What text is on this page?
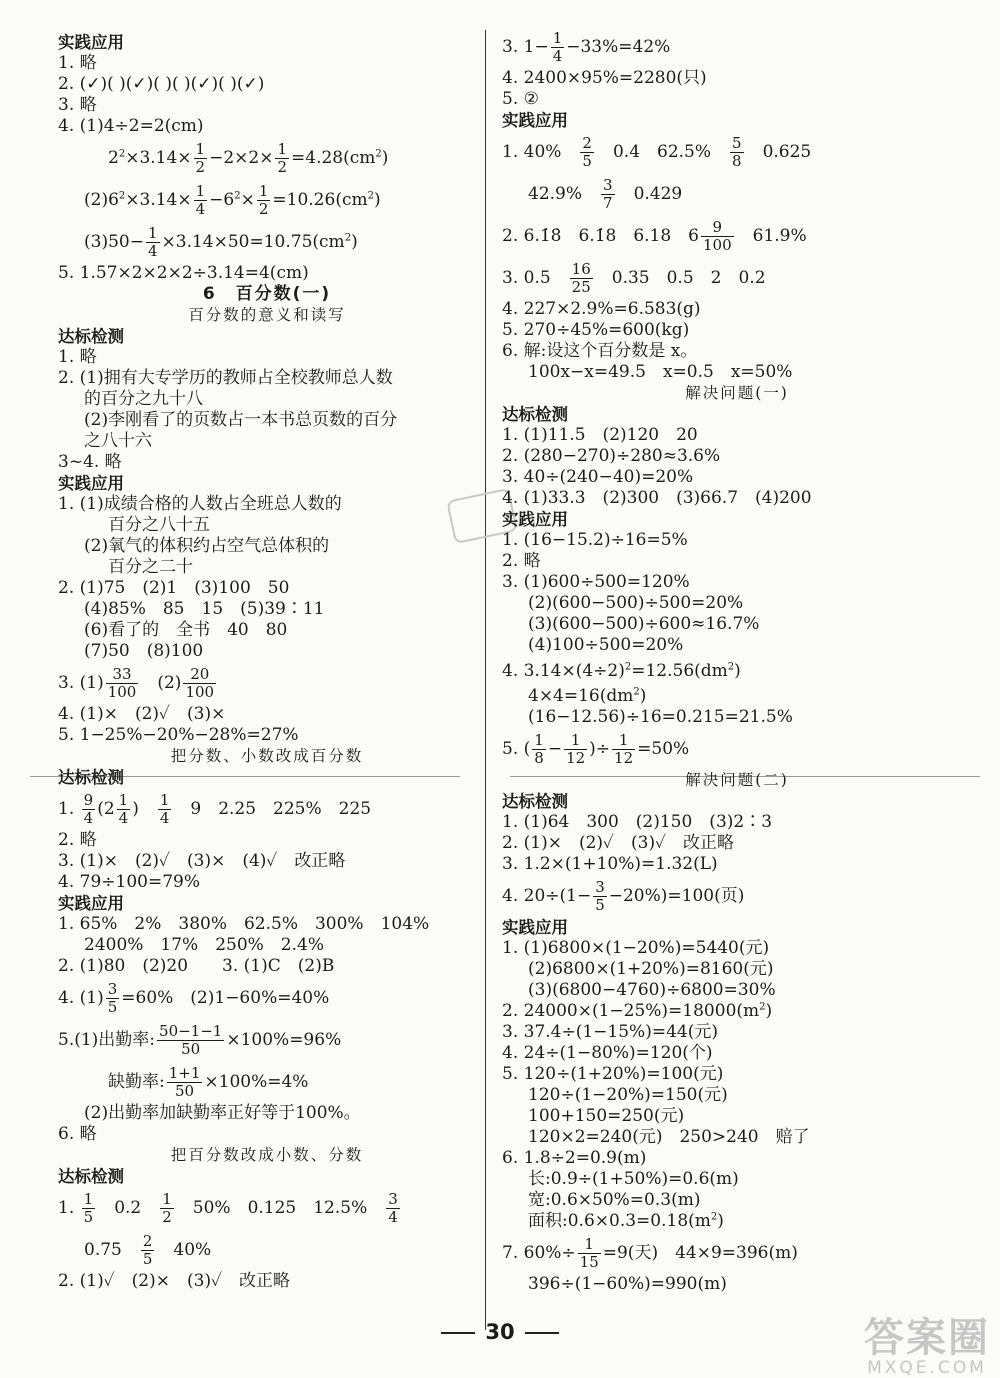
实践应用
1. 略
2. (✓)( )(✓)( )( )(✓)( )(✓)
3. 略
4. (1)4÷2=2(cm)
$2^2\times 3.14\times \frac{1}{2} -2\times 2\times \frac{1}{2} =4.28(cm^2)$
$(2)6^2\times 3.14\times \frac{1}{4} -6^2\times \frac{1}{2} =10.26(cm^2)$
$(3)50- \frac{1}{4} \times 3.14\times 50=10.75(cm^2)$
5. 1.57×2×2×2÷3.14=4(cm)
6　百分数(一)
百分数的意义和读写
达标检测
1. 略
2. (1)拥有大专学历的教师占全校教师总人数
的百分之九十八
(2)李刚看了的页数占一本书总页数的百分
之八十六
3~4. 略
实践应用
1. (1)成绩合格的人数占全班总人数的
百分之八十五
(2)氧气的体积约占空气总体积的
百分之二十
2. (1)75　(2)1　(3)100　50
(4)85%　85　15　(5)39∶11
(6)看了的　全书　40　80
(7)50　(8)100
3. $(1) \frac{33}{100}$
　 $(2) \frac{20}{100}$
4. (1)×　(2)✓　(3)×
5. 1−25%−20%−28%=27%
把分数、小数改成百分数
达标检测
1. $\frac{9}{4} (2 \frac{1}{4}$ )　 $\frac{1}{4}$
　 9　2.25　225%　225
2. 略
3. (1)×　(2)✓　(3)×　(4)✓　改正略
4. 79÷100=79%
实践应用
1. 65%　2%　380%　62.5%　300%　104%
2400%　17%　250%　2.4%
2. (1)80　(2)20　　3. (1)C　(2)B
4. $(1) \frac{3}{5} =60\%$　(2)1−60%=40%
5.(1)出勤率: $\frac{50-1-1}{50} \times 100\%=96\%$
缺勤率: $\frac{1+1}{50} \times 100\%=4\%$
(2)出勤率加缺勤率正好等于100%。
6. 略
把百分数改成小数、分数
达标检测
1. $\frac{1}{5}$
　 0.2　 $\frac{1}{2}$
　 50%　0.125　12.5%　 $\frac{3}{4}$
0.75　 $\frac{2}{5}$
　 40%
2. (1)✓　(2)×　(3)✓　改正略
3. $1- \frac{1}{4} -33\%=42\%$
4. 2400×95%=2280(只)
5. ②
实践应用
1. 40%　 $\frac{2}{5}$
　 0.4　62.5%　 $\frac{5}{8}$
　 0.625
42.9%　 $\frac{3}{7}$
　 0.429
2. 6.1̇8̇　6.1̇8　6.18　$6 \frac{9}{100}$
　 61.9%
3. 0.5　 $\frac{16}{25}$
　 0.35　0.5　2　0.2
4. 227×2.9%=6.583(g)
5. 270÷45%=600(kg)
6. 解:设这个百分数是 x。
100x−x=49.5　x=0.5　x=50%
解决问题(一)
达标检测
1. (1)11.5　(2)120　20
2. (280−270)÷280≈3.6%
3. 40÷(240−40)=20%
4. (1)33.3　(2)300　(3)66.7　(4)200
实践应用
1. (16−15.2)÷16=5%
2. 略
3. (1)600÷500=120%
(2)(600−500)÷500=20%
(3)(600−500)÷600≈16.7%
(4)100÷500=20%
4. $3.14\times(4\div 2)^2=12.56(dm^2)$
$4\times 4=16(dm^2)$
(16−12.56)÷16=0.215=21.5%
5. ( $\frac{1}{8} - \frac{1}{12}$ )÷ $\frac{1}{12} =50\%$
解决问题(二)
达标检测
1. (1)64　300　(2)150　(3)2∶3
2. (1)×　(2)✓　(3)✓　改正略
3. 1.2×(1+10%)=1.32(L)
4. $20\div(1- \frac{3}{5} -20\%)=100$(页)
实践应用
1. (1)6800×(1−20%)=5440(元)
(2)6800×(1+20%)=8160(元)
(3)(6800−4760)÷6800=30%
2. $24000\times(1-25\%)=18000(m^2)$
3. 37.4÷(1−15%)=44(元)
4. 24÷(1−80%)=120(个)
5. 120÷(1+20%)=100(元)
120÷(1−20%)=150(元)
100+150=250(元)
120×2=240(元)　250>240　赔了
6. 1.8÷2=0.9(m)
长:0.9÷(1+50%)=0.6(m)
宽:0.6×50%=0.3(m)
面积$:0.6\times 0.3=0.18(m^2)$
7. $60\%\div \frac{1}{15} =9$(天)　44×9=396(m)
396÷(1−60%)=990(m)
30	答案圈
MXQE.COM
